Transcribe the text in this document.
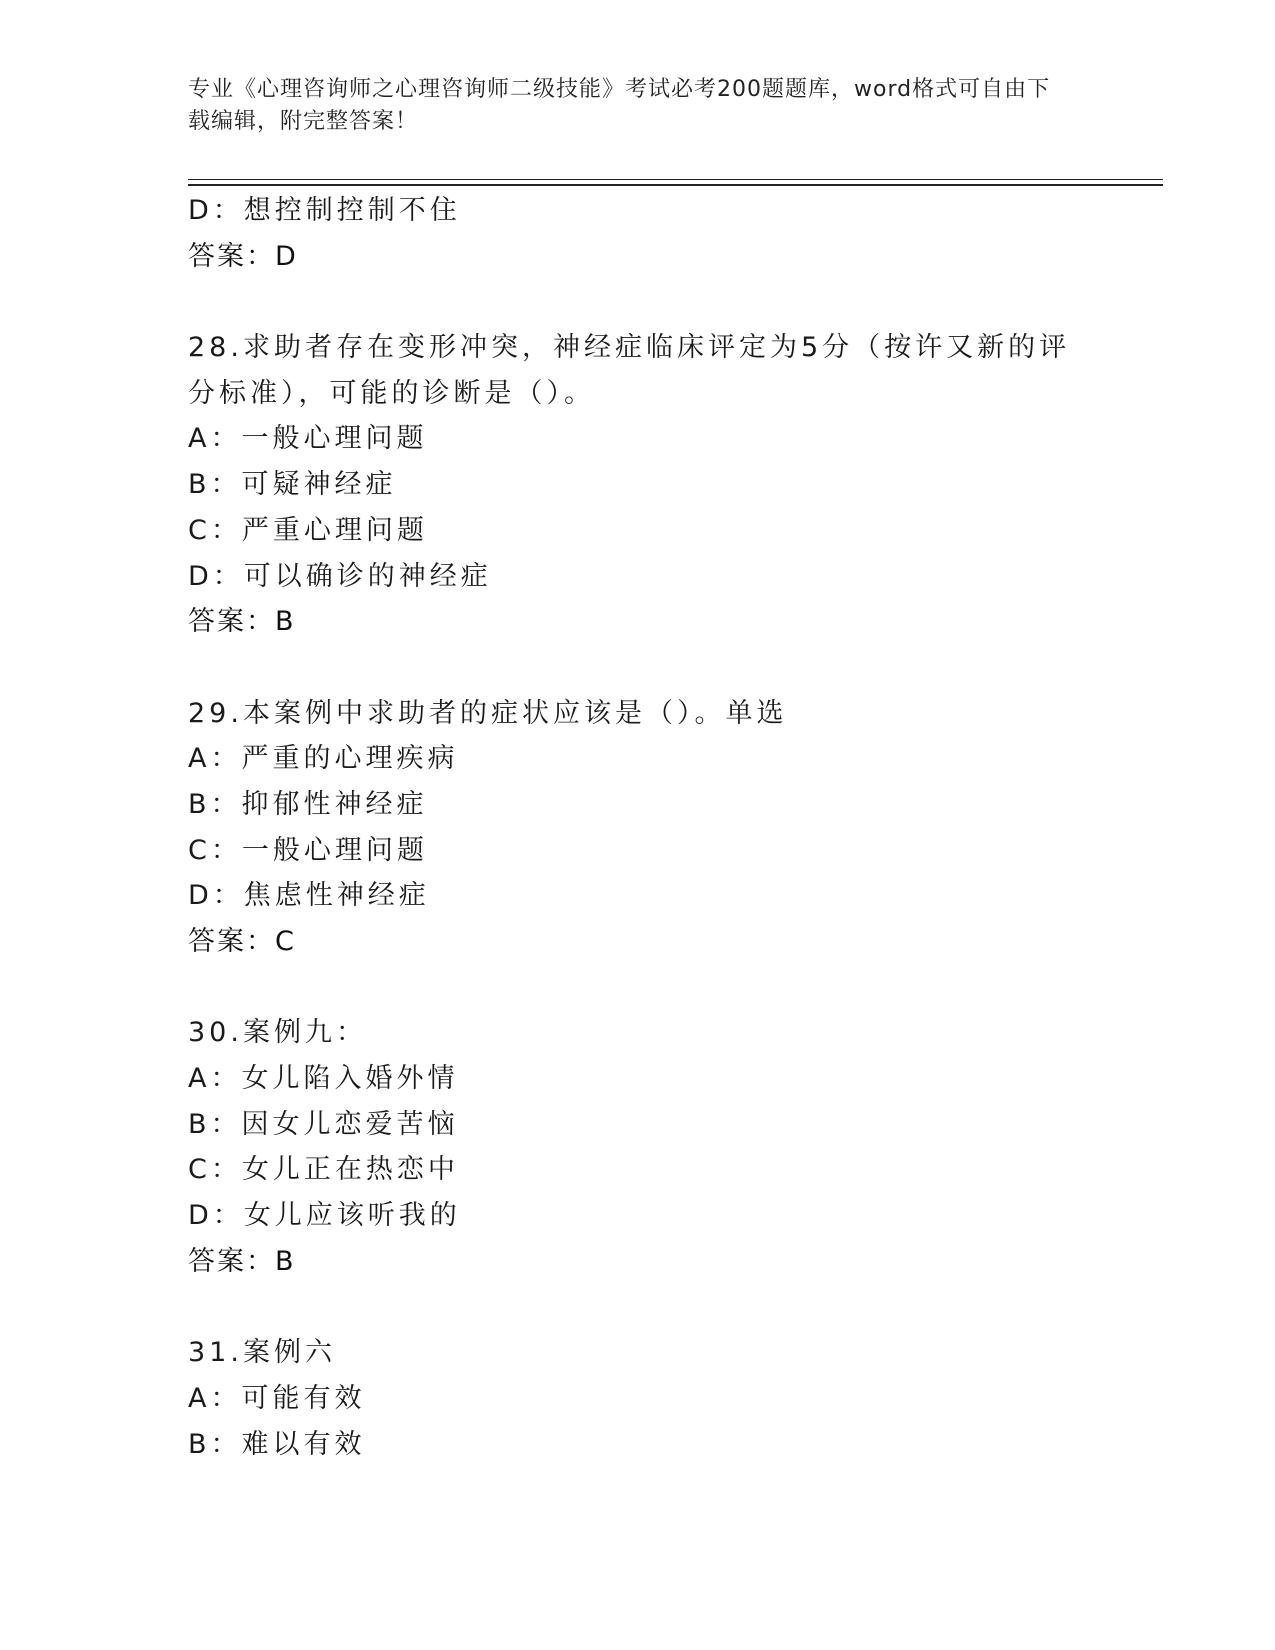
专业《心理咨询师之心理咨询师二级技能》考试必考200题题库，word格式可自由下载编辑，附完整答案！
D：想控制控制不住
答案：D
28.求助者存在变形冲突，神经症临床评定为5分（按许又新的评分标准），可能的诊断是（）。
A：一般心理问题
B：可疑神经症
C：严重心理问题
D：可以确诊的神经症
答案：B
29.本案例中求助者的症状应该是（）。单选
A：严重的心理疾病
B：抑郁性神经症
C：一般心理问题
D：焦虑性神经症
答案：C
30.案例九：
A：女儿陷入婚外情
B：因女儿恋爱苦恼
C：女儿正在热恋中
D：女儿应该听我的
答案：B
31.案例六
A：可能有效
B：难以有效
